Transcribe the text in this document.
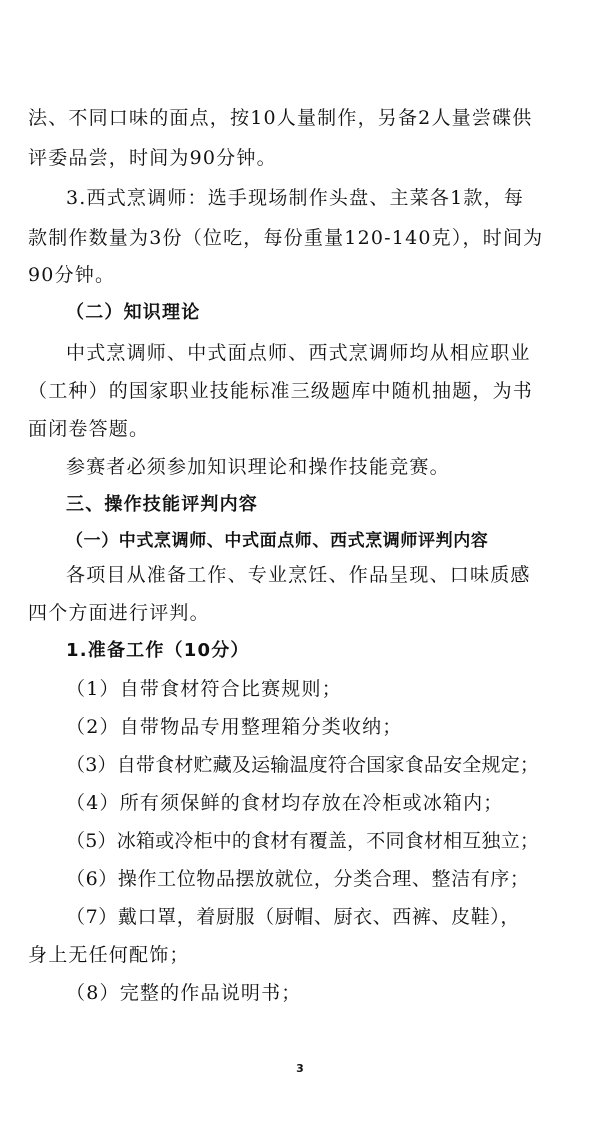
法、不同口味的面点，按10人量制作，另备2人量尝碟供
评委品尝，时间为90分钟。
3.西式烹调师：选手现场制作头盘、主菜各1款，每
款制作数量为3份（位吃，每份重量120-140克），时间为
90分钟。
（二）知识理论
中式烹调师、中式面点师、西式烹调师均从相应职业
（工种）的国家职业技能标准三级题库中随机抽题，为书
面闭卷答题。
参赛者必须参加知识理论和操作技能竞赛。
三、操作技能评判内容
（一）中式烹调师、中式面点师、西式烹调师评判内容
各项目从准备工作、专业烹饪、作品呈现、口味质感
四个方面进行评判。
1.准备工作（10分）
（1）自带食材符合比赛规则；
（2）自带物品专用整理箱分类收纳；
（3）自带食材贮藏及运输温度符合国家食品安全规定；
（4）所有须保鲜的食材均存放在冷柜或冰箱内；
（5）冰箱或冷柜中的食材有覆盖，不同食材相互独立；
（6）操作工位物品摆放就位，分类合理、整洁有序；
（7）戴口罩，着厨服（厨帽、厨衣、西裤、皮鞋），
身上无任何配饰；
（8）完整的作品说明书；
3
